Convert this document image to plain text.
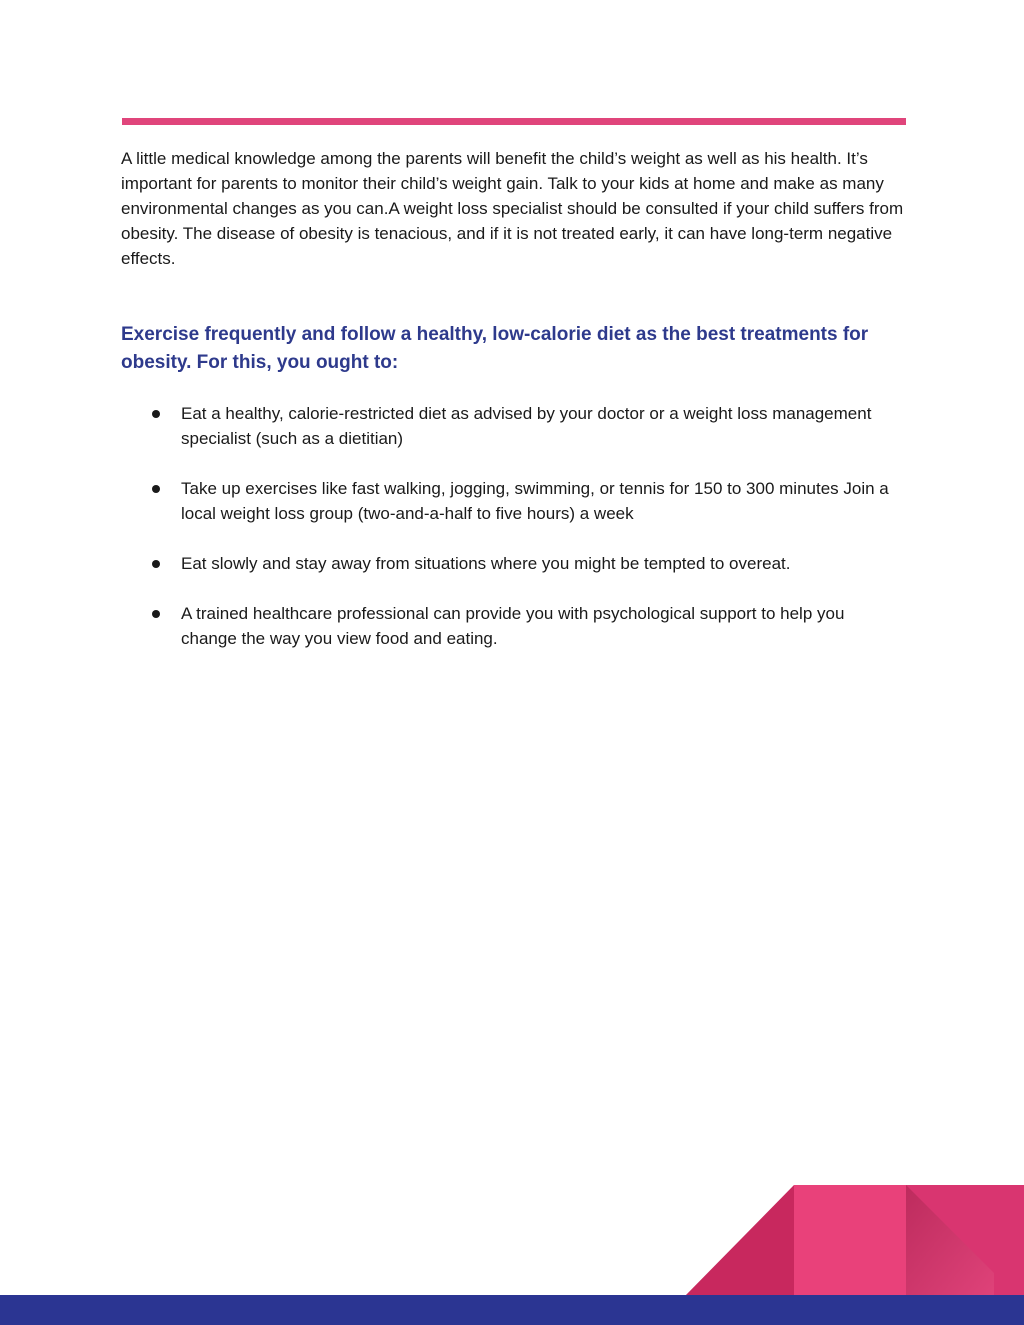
A little medical knowledge among the parents will benefit the child’s weight as well as his health. It’s important for parents to monitor their child’s weight gain. Talk to your kids at home and make as many environmental changes as you can.A weight loss specialist should be consulted if your child suffers from obesity. The disease of obesity is tenacious, and if it is not treated early, it can have long-term negative effects.

Exercise frequently and follow a healthy, low-calorie diet as the best treatments for obesity. For this, you ought to:
Eat a healthy, calorie-restricted diet as advised by your doctor or a weight loss management specialist (such as a dietitian)
Take up exercises like fast walking, jogging, swimming, or tennis for 150 to 300 minutes Join a local weight loss group (two-and-a-half to five hours) a week
Eat slowly and stay away from situations where you might be tempted to overeat.
A trained healthcare professional can provide you with psychological support to help you change the way you view food and eating.
